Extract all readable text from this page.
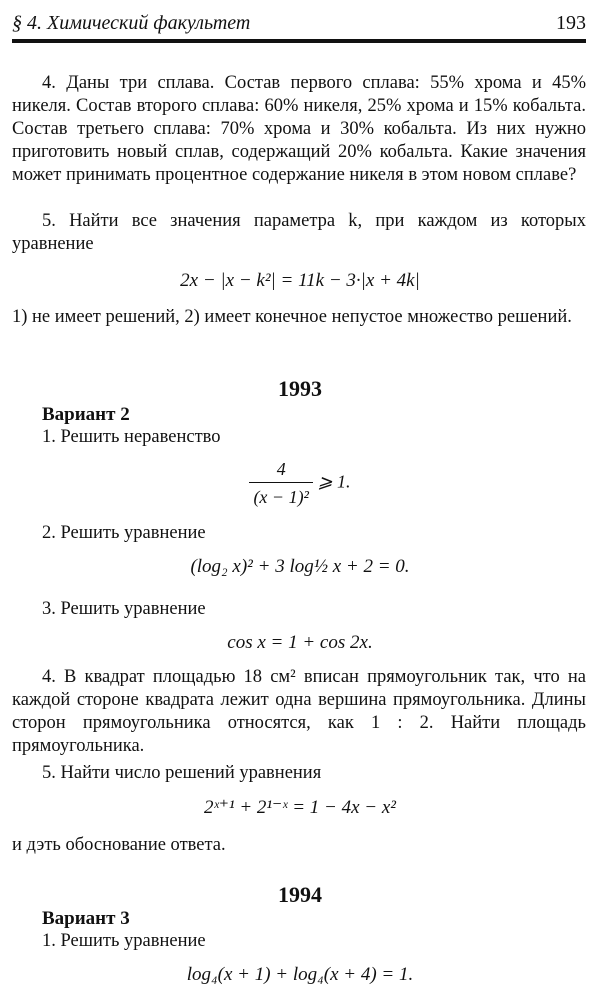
§ 4. Химический факультет	193
4. Даны три сплава. Состав первого сплава: 55% хрома и 45% никеля. Состав второго сплава: 60% никеля, 25% хрома и 15% кобальта. Состав третьего сплава: 70% хрома и 30% кобальта. Из них нужно приготовить новый сплав, содержащий 20% кобальта. Какие значения может принимать процентное содержание никеля в этом новом сплаве?
5. Найти все значения параметра k, при каждом из которых уравнение
2x − |x − k²| = 11k − 3·|x + 4k|
1) не имеет решений, 2) имеет конечное непустое множество решений.
1993
Вариант 2
1. Решить неравенство
$\frac{4}{\text{(x − 1)²}}$ ⩾ 1.
2. Решить уравнение
(log₂ x)² + 3 log½ x + 2 = 0.
3. Решить уравнение
cos x = 1 + cos 2x.
4. В квадрат площадью 18 см² вписан прямоугольник так, что на каждой стороне квадрата лежит одна вершина прямоугольника. Длины сторон прямоугольника относятся, как 1 : 2. Найти площадь прямоугольника.
5. Найти число решений уравнения
2ˣ⁺¹ + 2¹⁻ˣ = 1 − 4x − x²
и дэть обоснование ответа.
1994
Вариант 3
1. Решить уравнение
log₄(x + 1) + log₄(x + 4) = 1.
